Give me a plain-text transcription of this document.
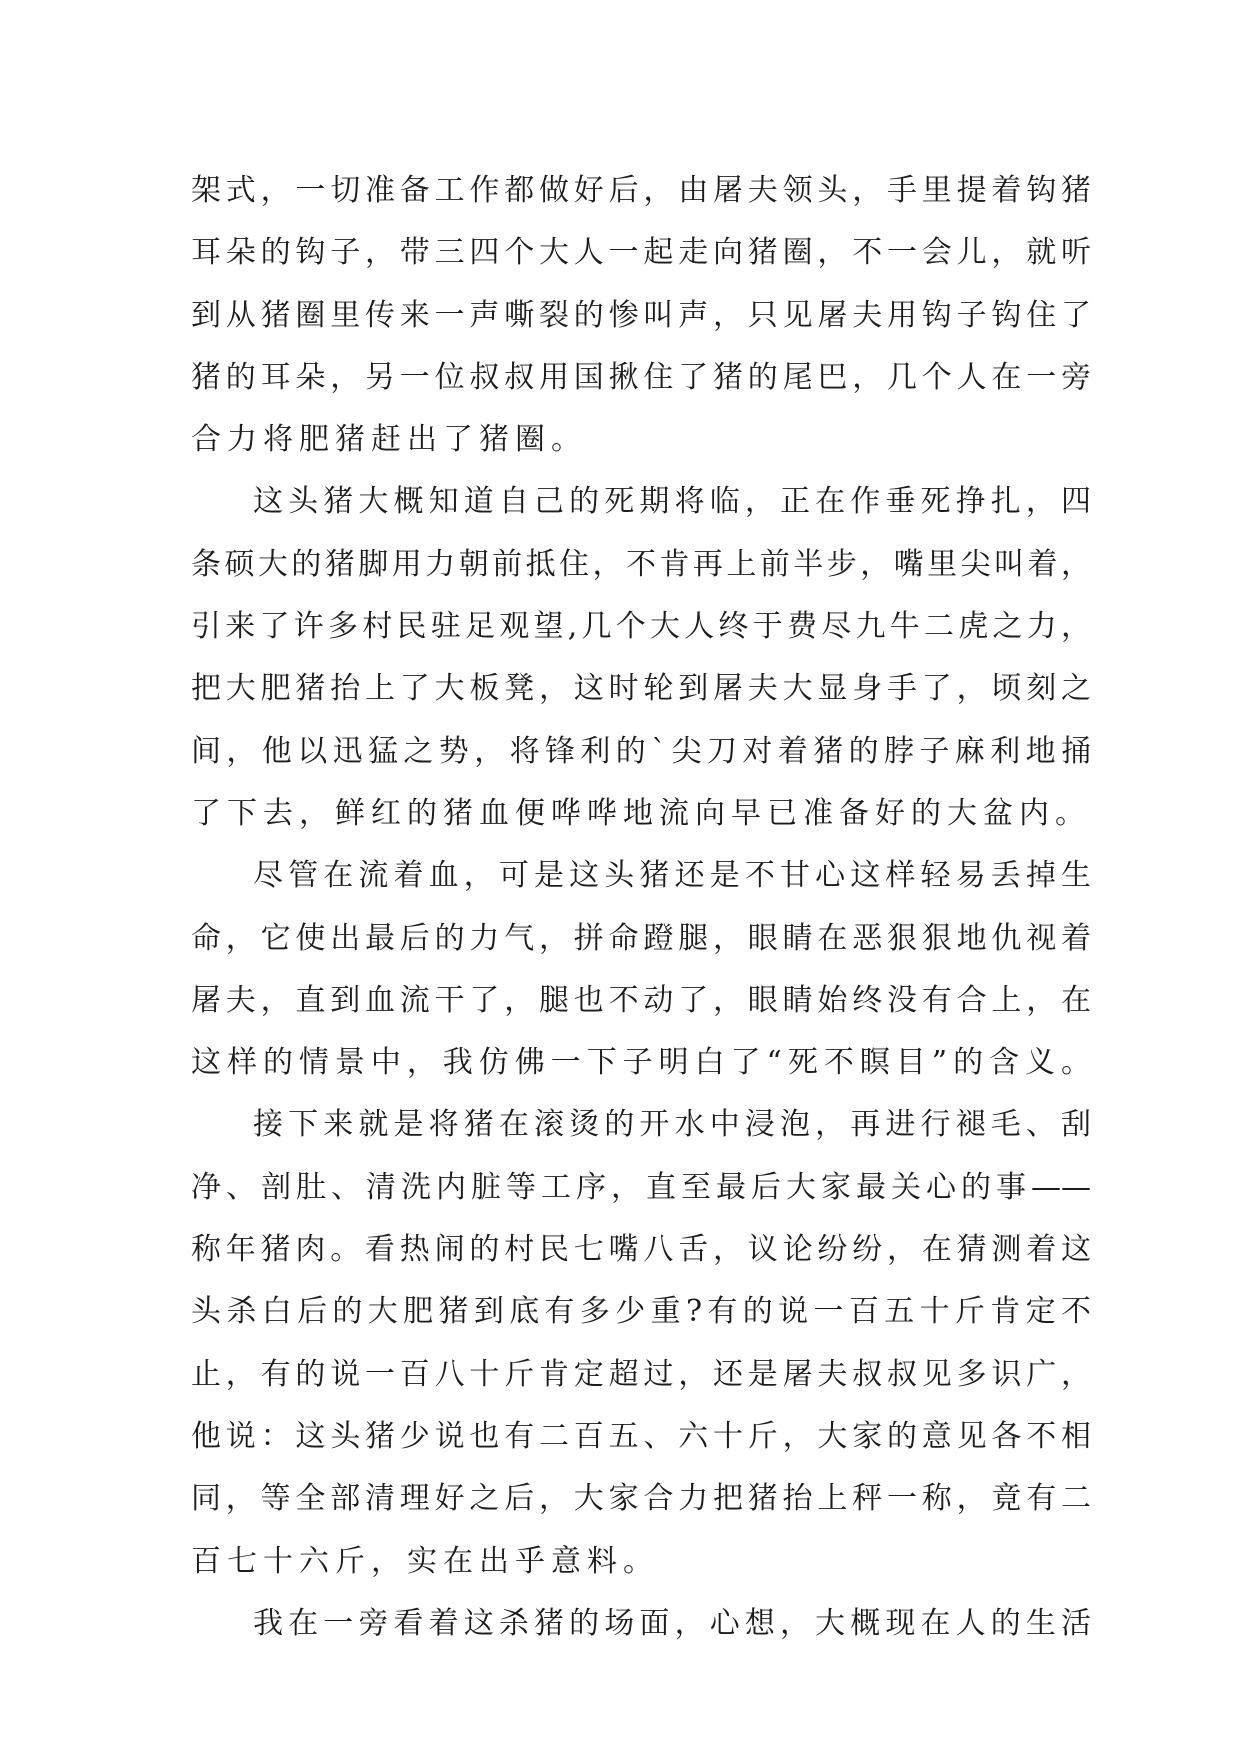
架式，一切准备工作都做好后，由屠夫领头，手里提着钩猪
耳朵的钩子，带三四个大人一起走向猪圈，不一会儿，就听
到从猪圈里传来一声嘶裂的惨叫声，只见屠夫用钩子钩住了
猪的耳朵，另一位叔叔用国揪住了猪的尾巴，几个人在一旁
合力将肥猪赶出了猪圈。
这头猪大概知道自己的死期将临，正在作垂死挣扎，四
条硕大的猪脚用力朝前抵住，不肯再上前半步，嘴里尖叫着，
引来了许多村民驻足观望,几个大人终于费尽九牛二虎之力，
把大肥猪抬上了大板凳，这时轮到屠夫大显身手了，顷刻之
间，他以迅猛之势，将锋利的`尖刀对着猪的脖子麻利地捅
了下去，鲜红的猪血便哗哗地流向早已准备好的大盆内。
尽管在流着血，可是这头猪还是不甘心这样轻易丢掉生
命，它使出最后的力气，拼命蹬腿，眼睛在恶狠狠地仇视着
屠夫，直到血流干了，腿也不动了，眼睛始终没有合上，在
这样的情景中，我仿佛一下子明白了“死不瞑目”的含义。
接下来就是将猪在滚烫的开水中浸泡，再进行褪毛、刮
净、剖肚、清洗内脏等工序，直至最后大家最关心的事——
称年猪肉。看热闹的村民七嘴八舌，议论纷纷，在猜测着这
头杀白后的大肥猪到底有多少重?有的说一百五十斤肯定不
止，有的说一百八十斤肯定超过，还是屠夫叔叔见多识广，
他说：这头猪少说也有二百五、六十斤，大家的意见各不相
同，等全部清理好之后，大家合力把猪抬上秤一称，竟有二
百七十六斤，实在出乎意料。
我在一旁看着这杀猪的场面，心想，大概现在人的生活
